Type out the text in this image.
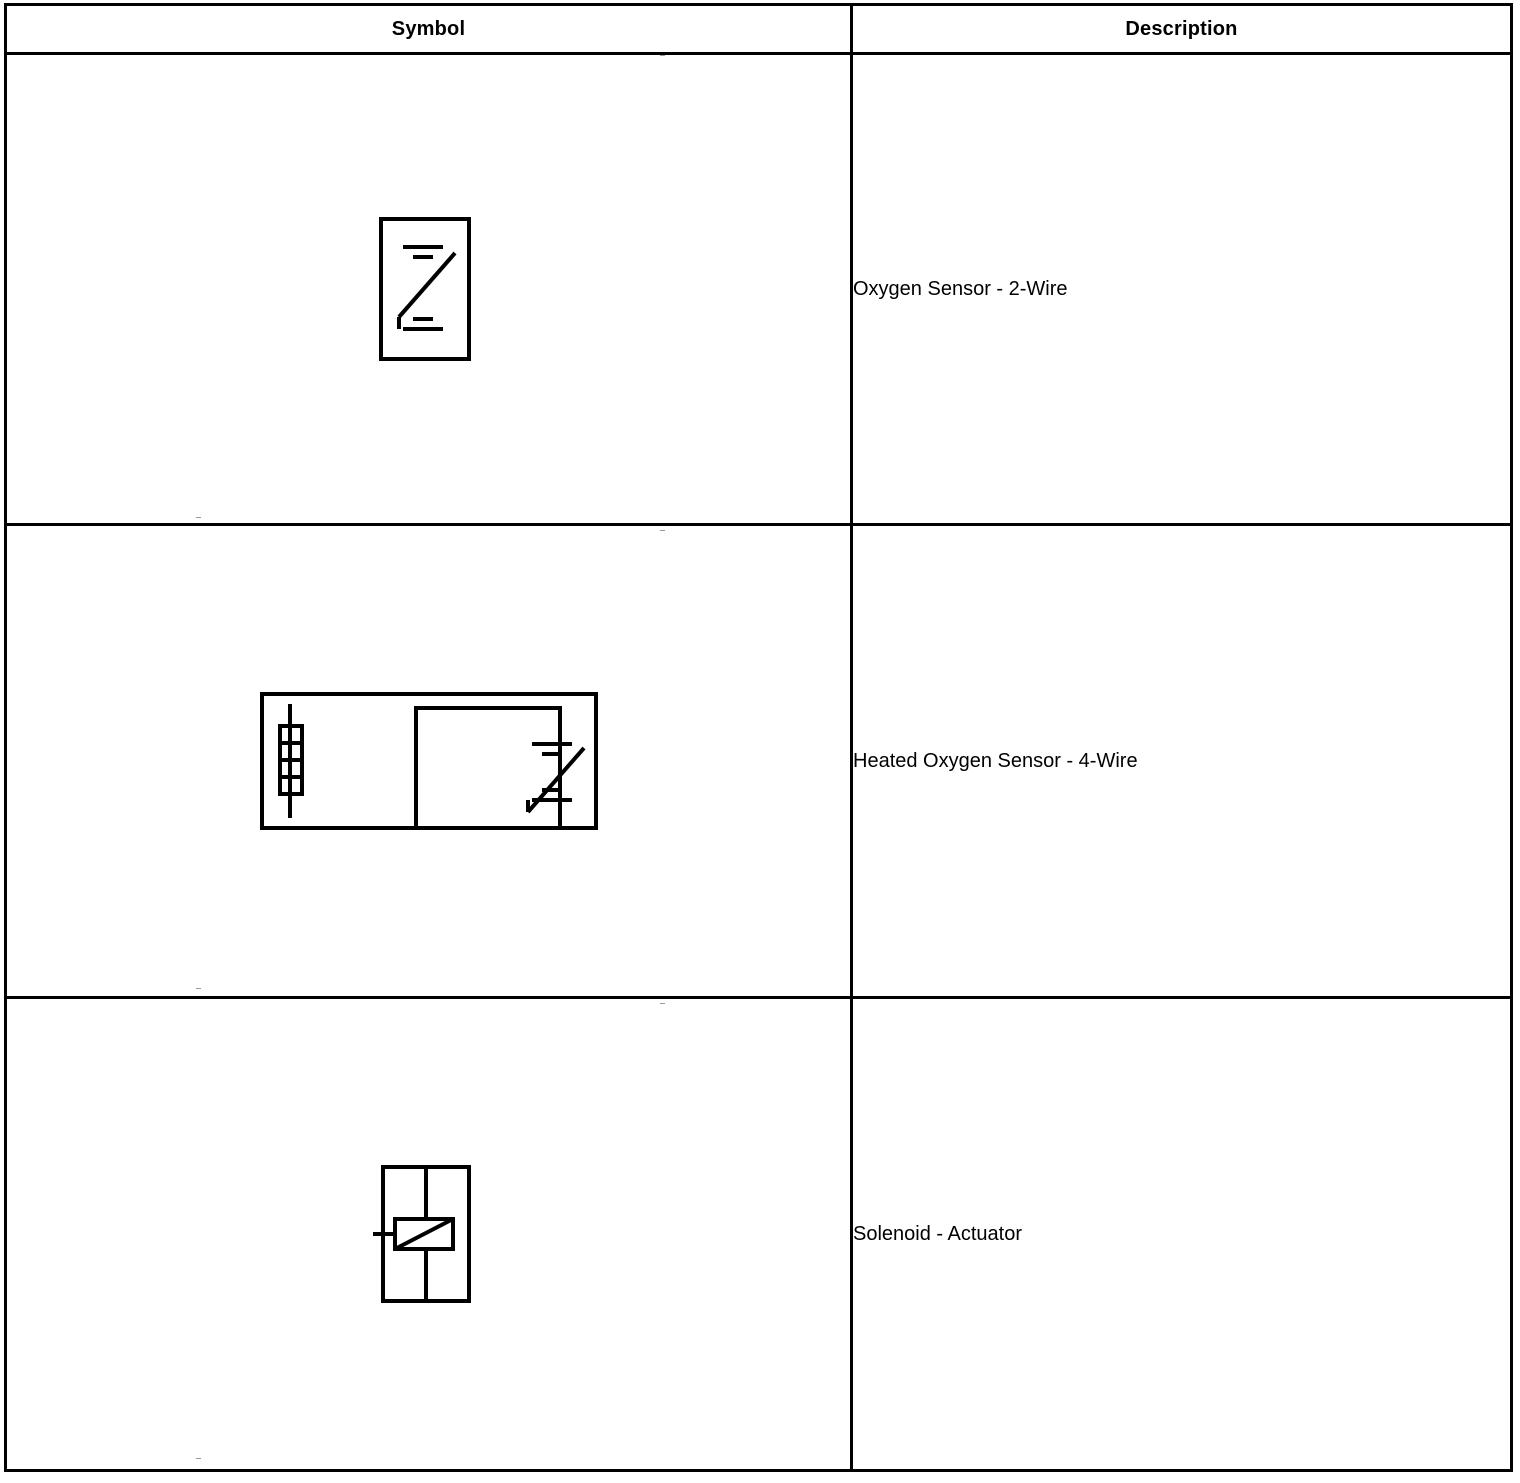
Symbol	Description

	Oxygen Sensor - 2-Wire

	Heated Oxygen Sensor - 4-Wire

	Solenoid - Actuator
